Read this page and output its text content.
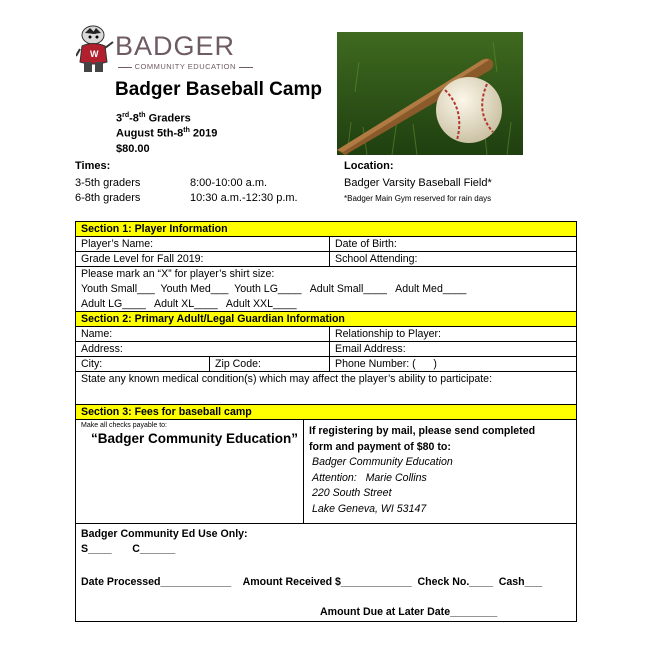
W BADGER
COMMUNITY EDUCATION
Badger Baseball Camp
3rd-8th Graders
August 5th-8th 2019
$80.00
Times:
3-5th graders	8:00-10:00 a.m.
6-8th graders	10:30 a.m.-12:30 p.m.
Location:
Badger Varsity Baseball Field*
*Badger Main Gym reserved for rain days
Section 1: Player Information
Player’s Name:	Date of Birth:
Grade Level for Fall 2019:	School Attending:
Please mark an “X” for player’s shirt size:
Youth Small___  Youth Med___  Youth LG____   Adult Small____   Adult Med____
Adult LG____   Adult XL____   Adult XXL____
Section 2: Primary Adult/Legal Guardian Information
Name:	Relationship to Player:
Address:	Email Address:
City:	Zip Code:	Phone Number: (      )
State any known medical condition(s) which may affect the player’s ability to participate:
Section 3: Fees for baseball camp
Make all checks payable to:
“Badger Community Education”	If registering by mail, please send completed
form and payment of $80 to:
Badger Community Education
Attention:   Marie Collins
220 South Street
Lake Geneva, WI 53147
Badger Community Ed Use Only:
S____       C______
Date Processed____________    Amount Received $____________  Check No.____  Cash___
Amount Due at Later Date________
